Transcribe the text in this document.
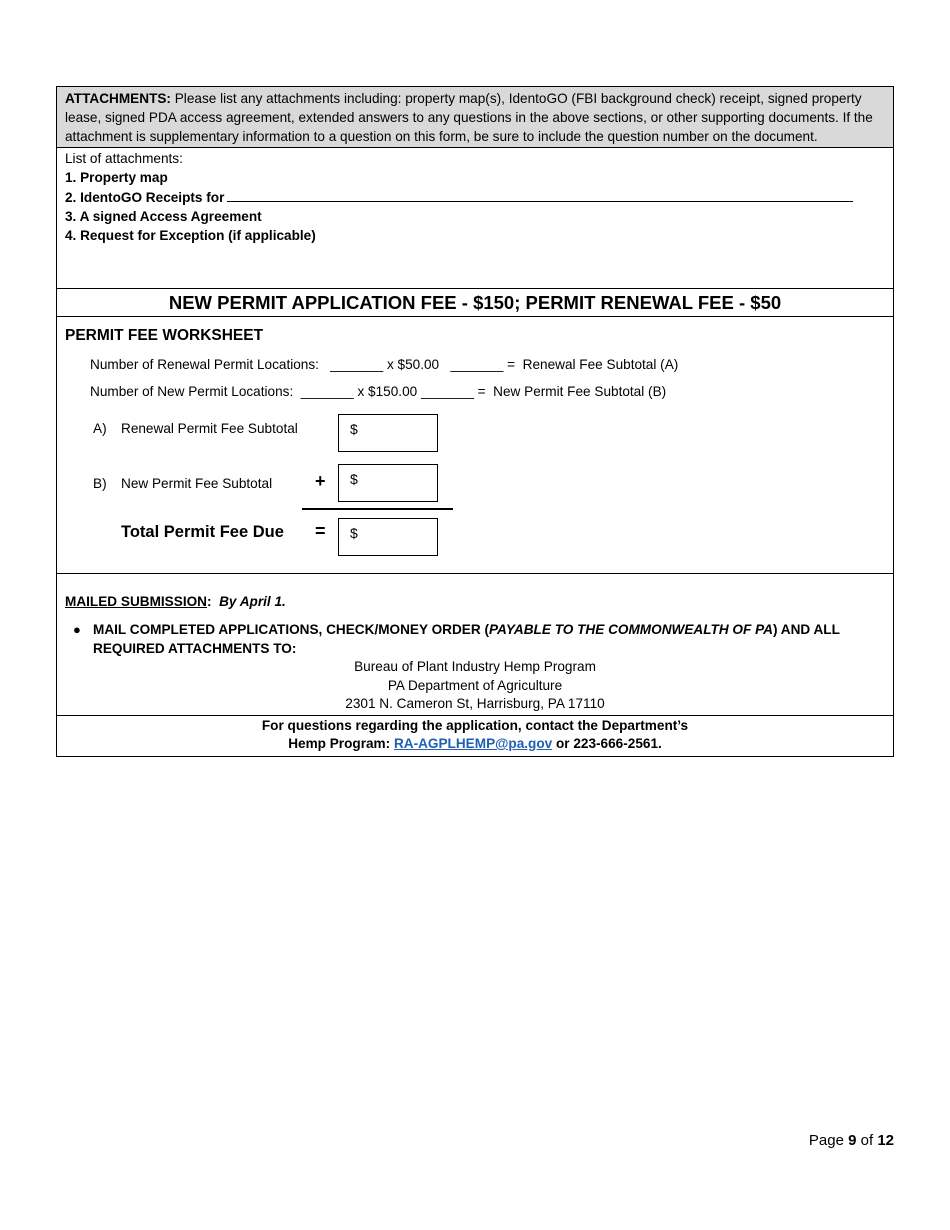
ATTACHMENTS: Please list any attachments including: property map(s), IdentoGO (FBI background check) receipt, signed property lease, signed PDA access agreement, extended answers to any questions in the above sections, or other supporting documents. If the attachment is supplementary information to a question on this form, be sure to include the question number on the document.
List of attachments:
1. Property map
2. IdentoGO Receipts for
3. A signed Access Agreement
4. Request for Exception (if applicable)
NEW PERMIT APPLICATION FEE - $150; PERMIT RENEWAL FEE - $50
PERMIT FEE WORKSHEET
Number of Renewal Permit Locations:   _______ x $50.00   _______ =  Renewal Fee Subtotal (A)
Number of New Permit Locations:  _______ x $150.00 _______ =  New Permit Fee Subtotal (B)
A) Renewal Permit Fee Subtotal	$
B) New Permit Fee Subtotal +	$
Total Permit Fee Due =	$
MAILED SUBMISSION: By April 1.
● MAIL COMPLETED APPLICATIONS, CHECK/MONEY ORDER (PAYABLE TO THE COMMONWEALTH OF PA) AND ALL REQUIRED ATTACHMENTS TO:
Bureau of Plant Industry Hemp Program
PA Department of Agriculture
2301 N. Cameron St, Harrisburg, PA 17110
For questions regarding the application, contact the Department’s
Hemp Program: RA-AGPLHEMP@pa.gov or 223-666-2561.
Page 9 of 12
